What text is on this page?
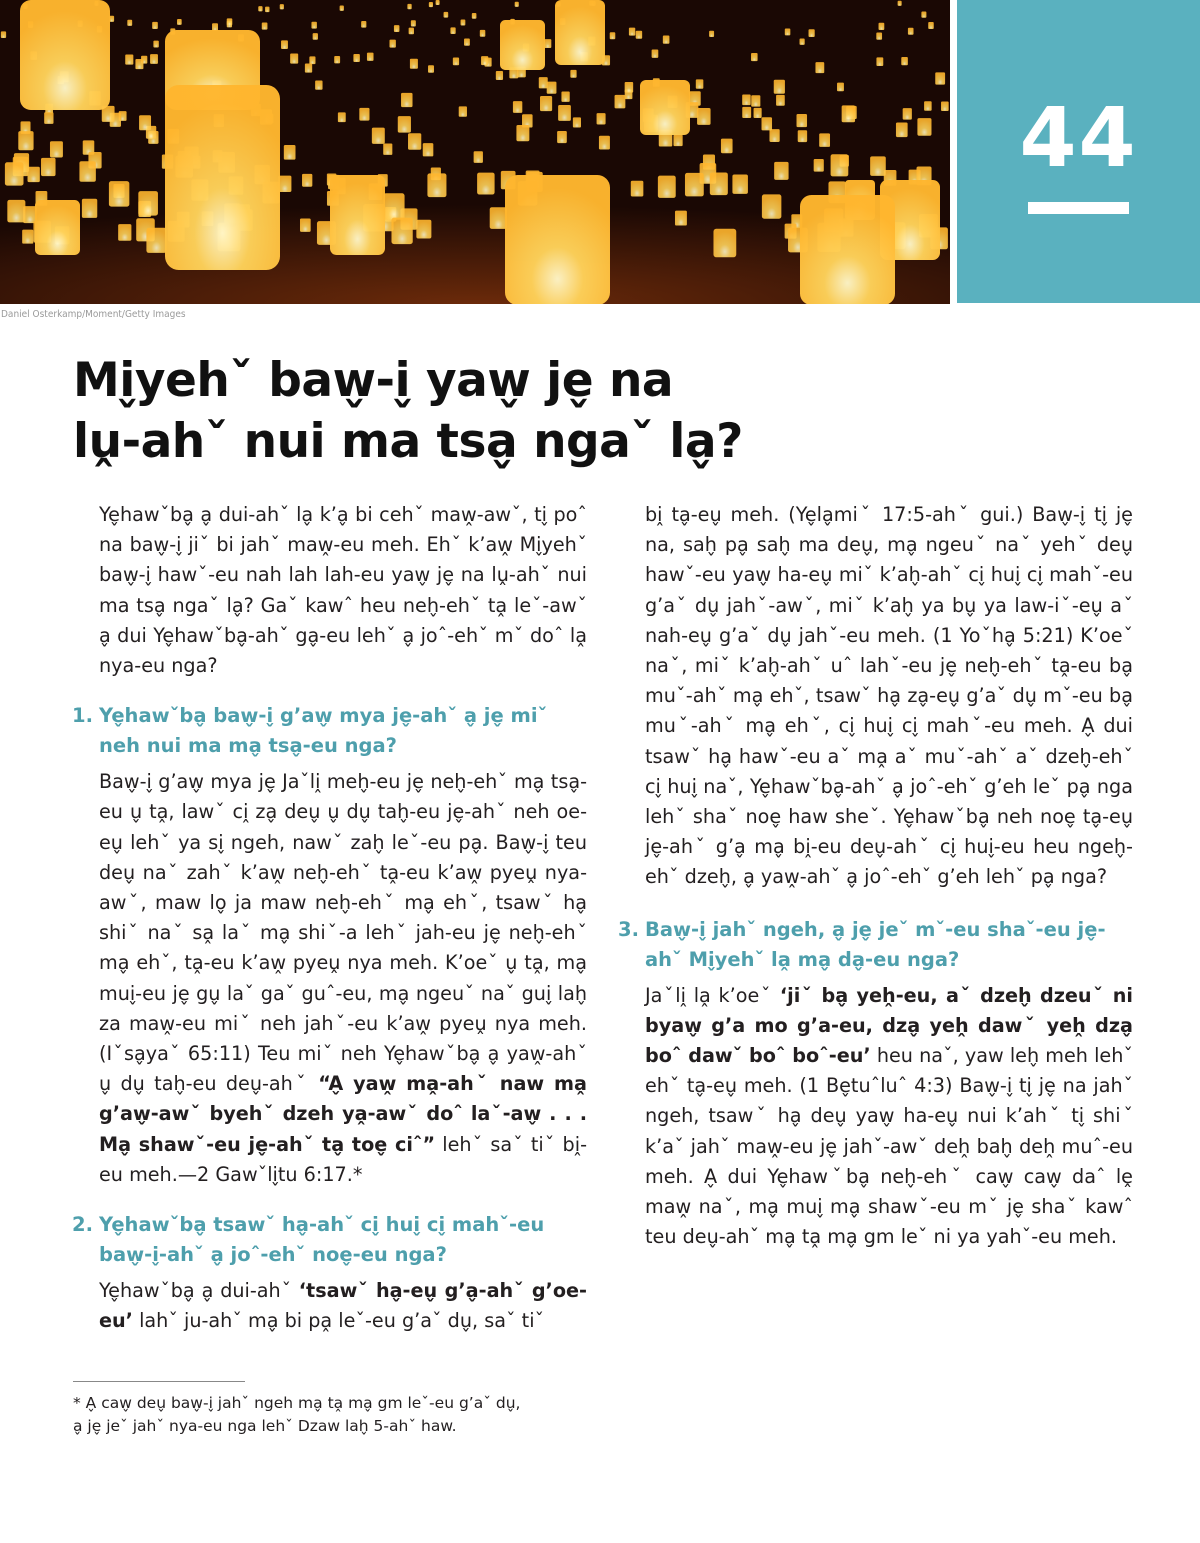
44
Daniel Osterkamp/Moment/Getty Images
Mi̬yehˇ baw̬-i̬ yaw̬ je̬ na
lṷ-ahˇ nui ma tsa̬ ngaˇ la̬?

Ye̬hawˇba̬ a̬ dui-ahˇ la̬ k’a̬ bi cehˇ maw̭-awˇ, ti̬ poˆ na baw̬-i̬ jiˇ bi jahˇ maw̭-eu meh. Ehˇ k’aw̭ Mi̬yehˇ baw̬-i̬ hawˇ-eu nah lah lah-eu yaw̬ je̬ na lṷ-ahˇ nui ma tsa̬ ngaˇ la̬? Gaˇ kawˆ heu neh̬-ehˇ ta̭ leˇ-awˇ a̬ dui Ye̬hawˇba̬-ahˇ ga̬-eu lehˇ a̬ joˆ-ehˇ mˇ doˆ la̭ nya-eu nga?

1. Ye̬hawˇba̬ baw̬-i̬ g’aw̬ mya je̬-ahˇ a̬ je̬ miˇ neh nui ma ma̬ tsa̬-eu nga?

Baw̬-i̬ g’aw̬ mya je̬ Jaˇli̭ meh̬-eu je̬ neh̬-ehˇ ma̬ tsa̬-eu u̬ ta̭, lawˇ ci̭ za̬ deu̬ u̬ du̬ tah̬-eu je̬-ahˇ neh oe-eu̬ lehˇ ya si̬ ngeh, nawˇ zah̬ leˇ-eu pa̬. Baw̬-i̬ teu deu̬ naˇ zahˇ k’aw̭ neh̬-ehˇ ta̭-eu k’aw̭ pyeṷ nya-awˇ, maw lo̬ ja maw neh̬-ehˇ ma̬ ehˇ, tsawˇ ha̬ shiˇ naˇ sa̭ laˇ ma̬ shiˇ-a lehˇ jah-eu je̬ neh̬-ehˇ ma̬ ehˇ, ta̭-eu k’aw̭ pyeṷ nya meh. K’oeˇ u̬ ta̭, ma̬ mui̬-eu je̬ gu̬ laˇ gaˇ guˆ-eu, ma̬ ngeuˇ naˇ gui̬ lah̬ za maw̭-eu miˇ neh jahˇ-eu k’aw̭ pyeṷ nya meh. (Iˇsa̬yaˇ 65:11) Teu miˇ neh Ye̬hawˇba̬ a̬ yaw̭-ahˇ u̬ du̬ tah̬-eu deu̬-ahˇ “A̬ yaw̭ ma̭-ahˇ naw ma̭ g’aw̬-awˇ byehˇ dzeh ya̭-awˇ doˆ laˇ-aw̬ . . . Ma̬ shawˇ-eu je̬-ahˇ ta̬ toe̬ ciˆ” lehˇ saˇ tiˇ bi̭-eu meh.—2 Gawˇli̬tu 6:17.*

2. Ye̬hawˇba̬ tsawˇ ha̬-ahˇ ci̬ hui̬ ci̬ mahˇ-eu baw̬-i̬-ahˇ a̬ joˆ-ehˇ noe̬-eu nga?

Ye̬hawˇba̬ a̬ dui-ahˇ ‘tsawˇ ha̬-eu̬ g’a̬-ahˇ g’oe-eu’ lahˇ ju-ahˇ ma̬ bi pa̭ leˇ-eu g’aˇ du̬, saˇ tiˇ

* A̬ caw̬ deu̬ baw̬-i̬ jahˇ ngeh ma̬ ta̭ ma̬ gm leˇ-eu g’aˇ du̬,
a̬ je̬ jeˇ jahˇ nya-eu nga lehˇ Dzaw lah̬ 5-ahˇ haw.

bi̭ ta̬-eu̬ meh. (Ye̬la̬miˇ 17:5-ahˇ gui.) Baw̬-i̬ ti̬ je̬ na, sah̬ pa̬ sah̬ ma deu̬, ma̬ ngeuˇ naˇ yehˇ deu̬ hawˇ-eu yaw̬ ha-eu̬ miˇ k’ah̬-ahˇ ci̬ hui̬ ci̬ mahˇ-eu g’aˇ du̬ jahˇ-awˇ, miˇ k’ah̬ ya bu̬ ya law-iˇ-eu̬ aˇ nah-eu̬ g’aˇ du̬ jahˇ-eu meh. (1 Yoˇha̬ 5:21) K’oeˇ naˇ, miˇ k’ah̬-ahˇ uˆ lahˇ-eu je̬ neh̬-ehˇ ta̭-eu ba̬ muˇ-ahˇ ma̬ ehˇ, tsawˇ ha̬ za̬-eu̬ g’aˇ du̬ mˇ-eu ba̬ muˇ-ahˇ ma̬ ehˇ, ci̬ hui̬ ci̬ mahˇ-eu meh. A̬ dui tsawˇ ha̬ hawˇ-eu aˇ ma̭ aˇ muˇ-ahˇ aˇ dzeh̬-ehˇ ci̬ hui̬ naˇ, Ye̬hawˇba̬-ahˇ a̬ joˆ-ehˇ g’eh leˇ pa̬ nga lehˇ shaˇ noe̬ haw sheˇ. Ye̬hawˇba̬ neh noe̬ ta̬-eu̬ je̬-ahˇ g’a̬ ma̬ bi̭-eu deu̬-ahˇ ci̬ hui̬-eu heu ngeh̬-ehˇ dzeh̬, a̬ yaw̭-ahˇ a̬ joˆ-ehˇ g’eh lehˇ pa̬ nga?

3. Baw̬-i̬ jahˇ ngeh, a̬ je̬ jeˇ mˇ-eu shaˇ-eu je̬-ahˇ Mi̬yehˇ la̭ ma̬ da̬-eu nga?

Jaˇli̭ la̭ k’oeˇ ‘jiˇ ba̬ yeh̭-eu, aˇ dzeh̬ dzeuˇ ni byaw̬ g’a mo g’a-eu, dza̬ yeh̭ dawˇ yeh̭ dza̬ boˆ dawˇ boˆ boˆ-eu’ heu naˇ, yaw leh̬ meh lehˇ ehˇ ta̬-eu̬ meh. (1 Be̬tuˆluˆ 4:3) Baw̬-i̬ ti̬ je̬ na jahˇ ngeh, tsawˇ ha̬ deu̬ yaw̬ ha-eu̬ nui k’ahˇ ti̬ shiˇ k’aˇ jahˇ maw̭-eu je̬ jahˇ-awˇ deh̭ bah̬ deh̭ muˆ-eu meh. A̬ dui Ye̬hawˇba̬ neh̬-ehˇ caw̬ caw̬ daˆ lḙ maw̭ naˇ, ma̬ mui̬ ma̬ shawˇ-eu mˇ je̬ shaˇ kawˆ teu deu̬-ahˇ ma̬ ta̭ ma̬ gm leˇ ni ya yahˇ-eu meh.
